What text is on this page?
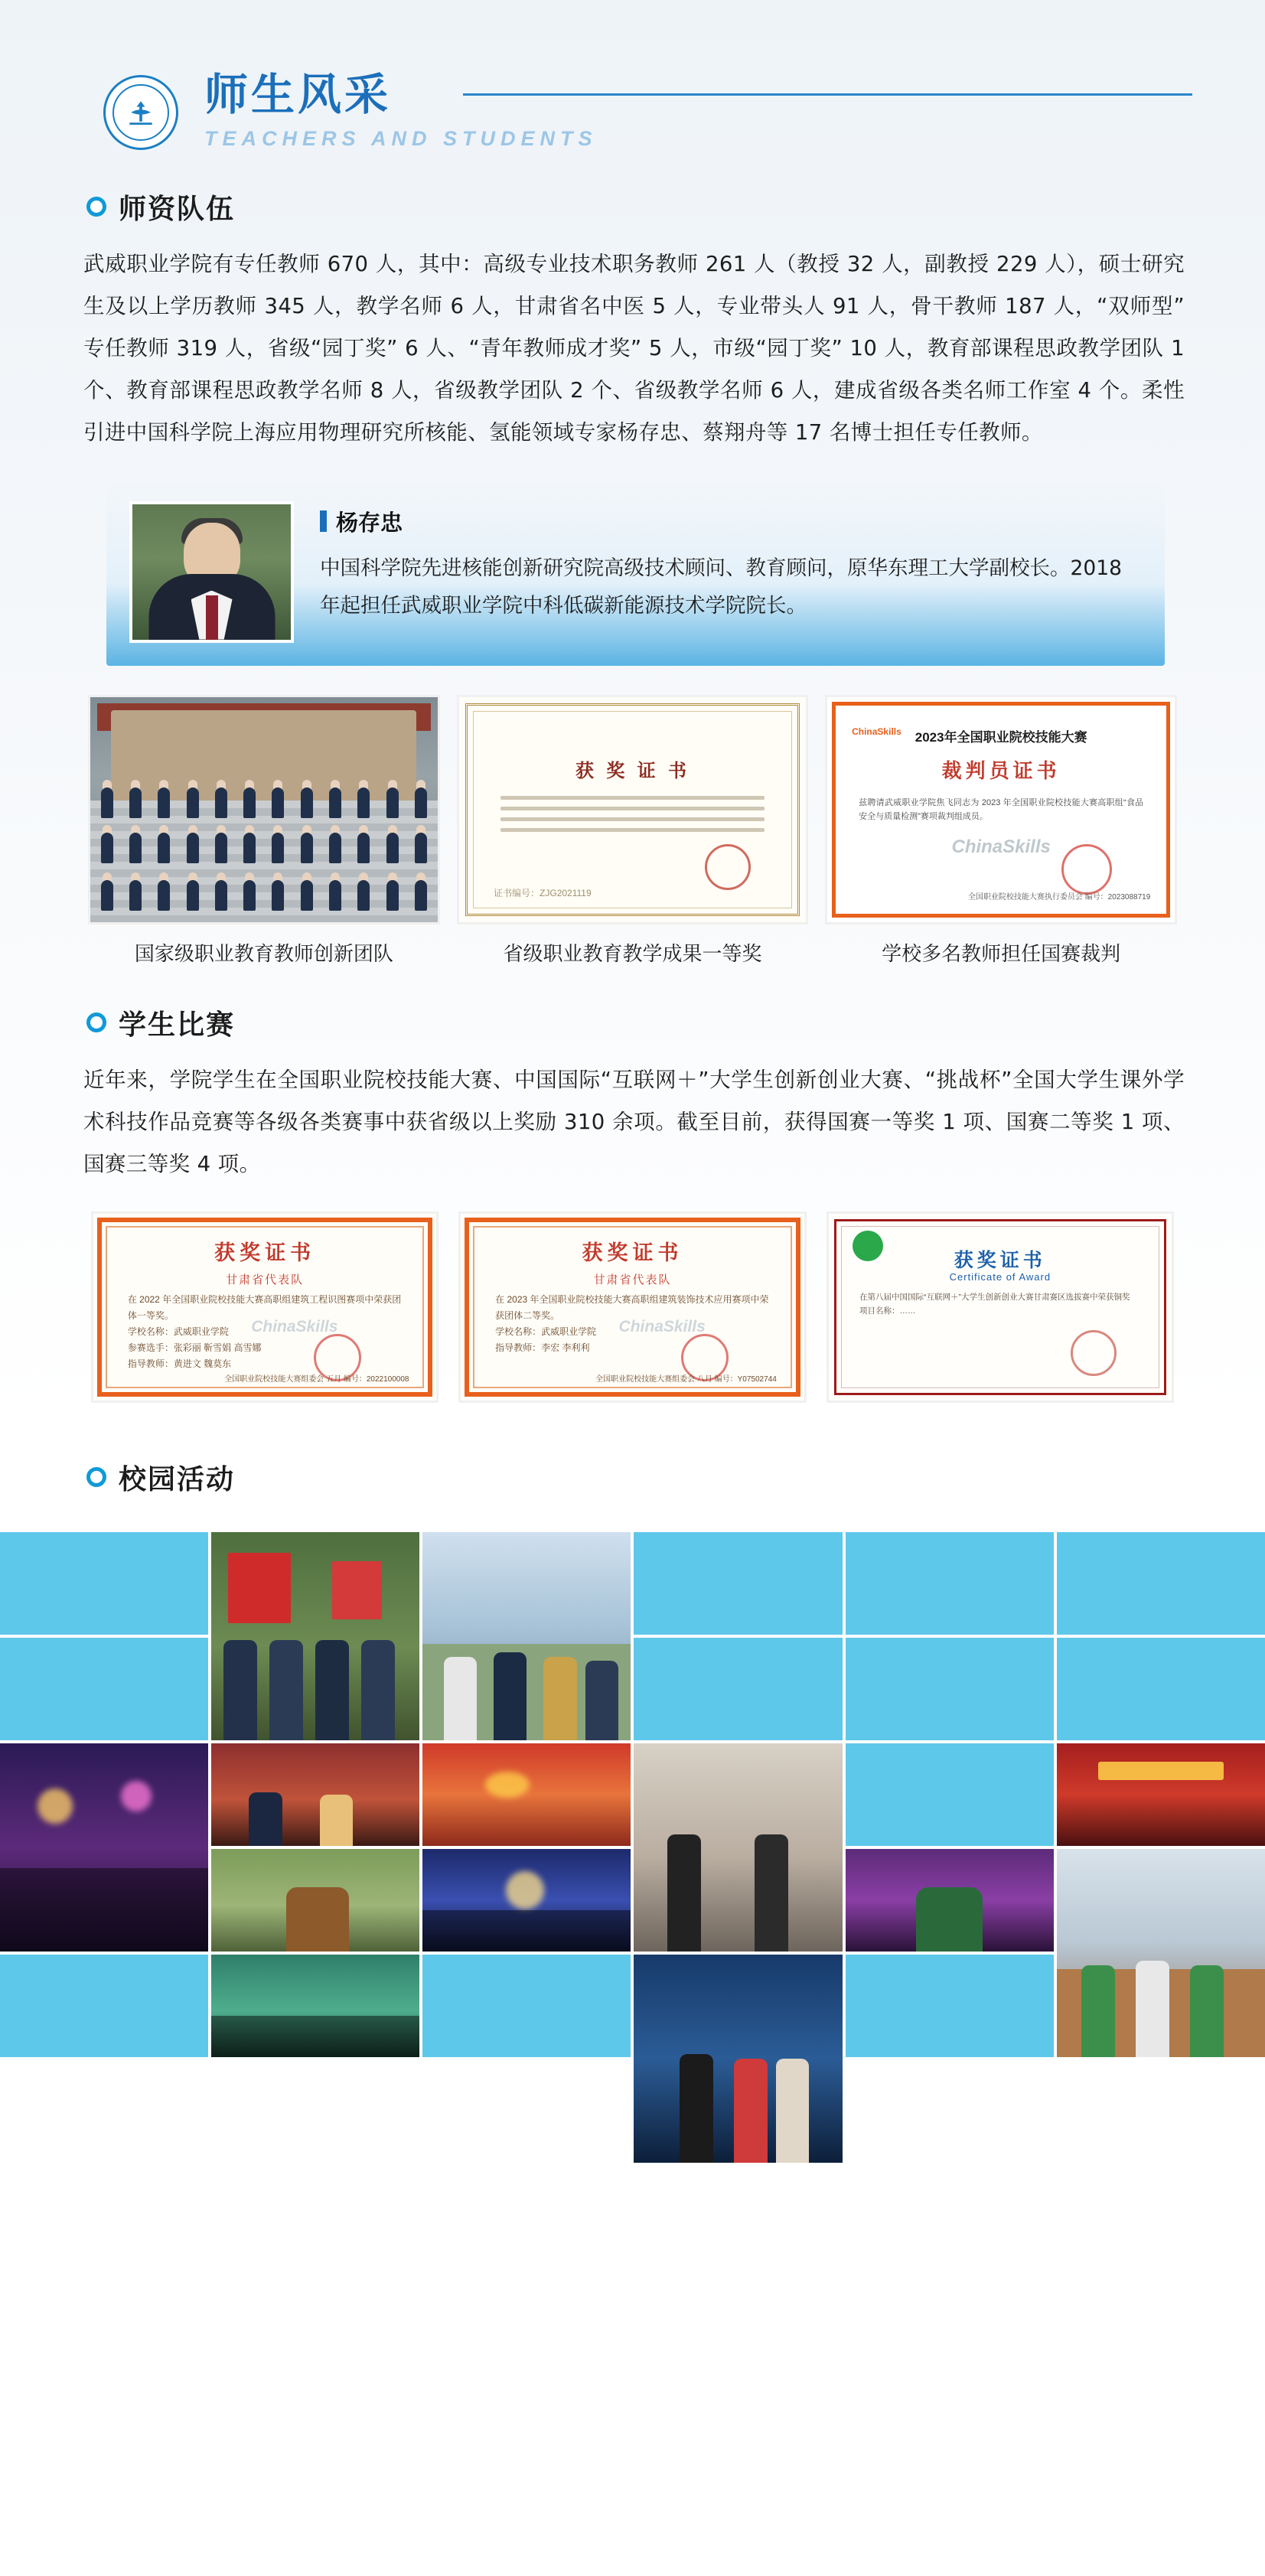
师生风采
TEACHERS AND STUDENTS
师资队伍

武威职业学院有专任教师 670 人，其中：高级专业技术职务教师 261 人（教授 32 人，副教授 229 人），硕士研究生及以上学历教师 345 人，教学名师 6 人，甘肃省名中医 5 人，专业带头人 91 人，骨干教师 187 人，“双师型”专任教师 319 人，省级“园丁奖” 6 人、“青年教师成才奖” 5 人，市级“园丁奖” 10 人，教育部课程思政教学团队 1 个、教育部课程思政教学名师 8 人，省级教学团队 2 个、省级教学名师 6 人，建成省级各类名师工作室 4 个。柔性引进中国科学院上海应用物理研究所核能、氢能领域专家杨存忠、蔡翔舟等 17 名博士担任专任教师。

杨存忠
中国科学院先进核能创新研究院高级技术顾问、教育顾问，原华东理工大学副校长。2018 年起担任武威职业学院中科低碳新能源技术学院院长。
国家级职业教育教师创新团队
获 奖 证 书
证书编号：ZJG2021119
省级职业教育教学成果一等奖
ChinaSkills	2023年全国职业院校技能大赛
裁判员证书
兹聘请武威职业学院焦飞同志为 2023 年全国职业院校技能大赛高职组“食品安全与质量检测”赛项裁判组成员。
ChinaSkills
全国职业院校技能大赛执行委员会 编号：2023088719
学校多名教师担任国赛裁判
学生比赛

近年来，学院学生在全国职业院校技能大赛、中国国际“互联网＋”大学生创新创业大赛、“挑战杯”全国大学生课外学术科技作品竞赛等各级各类赛事中获省级以上奖励 310 余项。截至目前，获得国赛一等奖 1 项、国赛二等奖 1 项、国赛三等奖 4 项。

获奖证书
甘肃省代表队
在 2022 年全国职业院校技能大赛高职组建筑工程识图赛项中荣获团体一等奖。
学校名称：武威职业学院
参赛选手：张彩丽 靳雪娟 高雪娜
指导教师：黄进文 魏莫东
ChinaSkills
全国职业院校技能大赛组委会 五月 编号：2022100008
获奖证书
甘肃省代表队
在 2023 年全国职业院校技能大赛高职组建筑装饰技术应用赛项中荣获团体二等奖。
学校名称：武威职业学院
指导教师：李宏 李利利
ChinaSkills
全国职业院校技能大赛组委会 八月 编号：Y07502744
获奖证书
Certificate of Award
在第八届中国国际“互联网＋”大学生创新创业大赛甘肃赛区选拔赛中荣获铜奖
项目名称：……
校园活动
